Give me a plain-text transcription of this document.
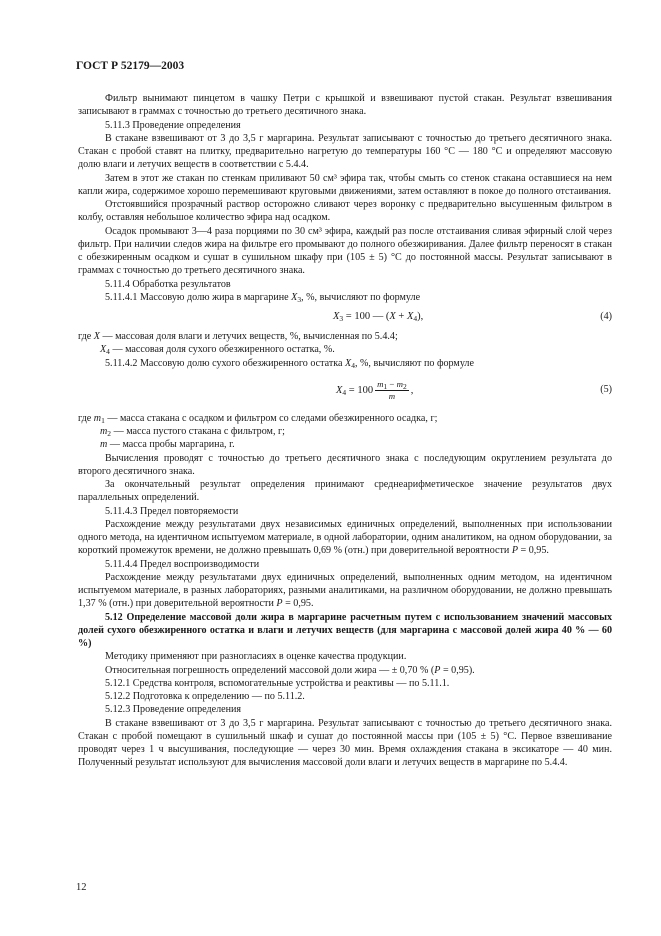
ГОСТ Р 52179—2003

Фильтр вынимают пинцетом в чашку Петри с крышкой и взвешивают пустой стакан. Результат взвешивания записывают в граммах с точностью до третьего десятичного знака.

5.11.3 Проведение определения

В стакане взвешивают от 3 до 3,5 г маргарина. Результат записывают с точностью до третьего десятичного знака. Стакан с пробой ставят на плитку, предварительно нагретую до температуры 160 °С — 180 °С и определяют массовую долю влаги и летучих веществ в соответствии с 5.4.4.

Затем в этот же стакан по стенкам приливают 50 см³ эфира так, чтобы смыть со стенок стакана оставшиеся на нем капли жира, содержимое хорошо перемешивают круговыми движениями, затем оставляют в покое до полного отстаивания.

Отстоявшийся прозрачный раствор осторожно сливают через воронку с предварительно высушенным фильтром в колбу, оставляя небольшое количество эфира над осадком.

Осадок промывают 3—4 раза порциями по 30 см³ эфира, каждый раз после отстаивания сливая эфирный слой через фильтр. При наличии следов жира на фильтре его промывают до полного обезжиривания. Далее фильтр переносят в стакан с обезжиренным осадком и сушат в сушильном шкафу при (105 ± 5) °С до постоянной массы. Результат записывают в граммах с точностью до третьего десятичного знака.

5.11.4 Обработка результатов

5.11.4.1 Массовую долю жира в маргарине $X_3$, %, вычисляют по формуле

$X_3 = 100$ — $(X + X_4)$,	(4)

где X — массовая доля влаги и летучих веществ, %, вычисленная по 5.4.4;

$X_4$ — массовая доля сухого обезжиренного остатка, %.

5.11.4.2 Массовую долю сухого обезжиренного остатка $X_4$, %, вычисляют по формуле

$X_4 = 100 \frac{m_1 - m_2}{m}$ ,	(5)

где $m_1$ — масса стакана с осадком и фильтром со следами обезжиренного осадка, г;

$m_2$ — масса пустого стакана с фильтром, г;

m — масса пробы маргарина, г.

Вычисления проводят с точностью до третьего десятичного знака с последующим округлением результата до второго десятичного знака.

За окончательный результат определения принимают среднеарифметическое значение результатов двух параллельных определений.

5.11.4.3 Предел повторяемости

Расхождение между результатами двух независимых единичных определений, выполненных при использовании одного метода, на идентичном испытуемом материале, в одной лаборатории, одним аналитиком, на одном оборудовании, за короткий промежуток времени, не должно превышать 0,69 % (отн.) при доверительной вероятности P = 0,95.

5.11.4.4 Предел воспроизводимости

Расхождение между результатами двух единичных определений, выполненных одним методом, на идентичном испытуемом материале, в разных лабораториях, разными аналитиками, на различном оборудовании, не должно превышать 1,37 % (отн.) при доверительной вероятности P = 0,95.

5.12 Определение массовой доли жира в маргарине расчетным путем с использованием значений массовых долей сухого обезжиренного остатка и влаги и летучих веществ (для маргарина с массовой долей жира 40 % — 60 %)

Методику применяют при разногласиях в оценке качества продукции.

Относительная погрешность определений массовой доли жира — ± 0,70 % (P = 0,95).

5.12.1 Средства контроля, вспомогательные устройства и реактивы — по 5.11.1.

5.12.2 Подготовка к определению — по 5.11.2.

5.12.3 Проведение определения

В стакане взвешивают от 3 до 3,5 г маргарина. Результат записывают с точностью до третьего десятичного знака. Стакан с пробой помещают в сушильный шкаф и сушат до постоянной массы при (105 ± 5) °С. Первое взвешивание проводят через 1 ч высушивания, последующие — через 30 мин. Время охлаждения стакана в эксикаторе — 40 мин. Полученный результат используют для вычисления массовой доли влаги и летучих веществ в маргарине по 5.4.4.

12
